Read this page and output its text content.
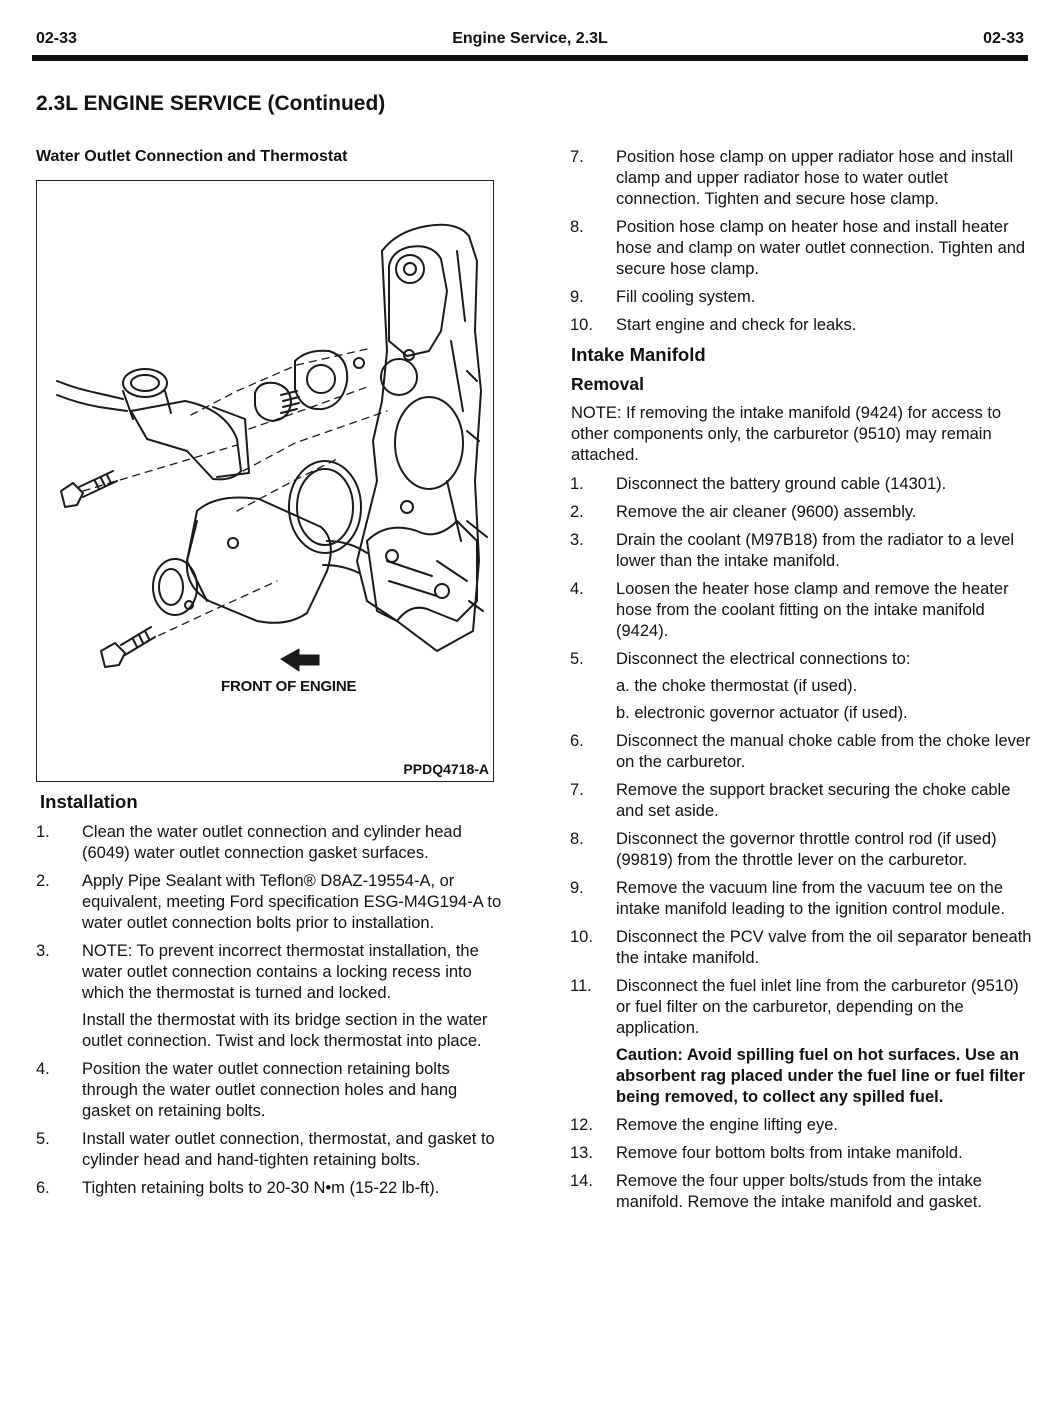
02-33	Engine Service, 2.3L	02-33
2.3L ENGINE SERVICE (Continued)
Water Outlet Connection and Thermostat
FRONT OF ENGINE
PPDQ4718-A
Installation
1.	Clean the water outlet connection and cylinder head (6049) water outlet connection gasket surfaces.
2.	Apply Pipe Sealant with Teflon® D8AZ-19554-A, or equivalent, meeting Ford specification ESG-M4G194-A to water outlet connection bolts prior to installation.
3.	NOTE: To prevent incorrect thermostat installation, the water outlet connection contains a locking recess into which the thermostat is turned and locked.

Install the thermostat with its bridge section in the water outlet connection. Twist and lock thermostat into place.

4.	Position the water outlet connection retaining bolts through the water outlet connection holes and hang gasket on retaining bolts.
5.	Install water outlet connection, thermostat, and gasket to cylinder head and hand-tighten retaining bolts.
6.	Tighten retaining bolts to 20-30 N•m (15-22 lb-ft).
7.	Position hose clamp on upper radiator hose and install clamp and upper radiator hose to water outlet connection. Tighten and secure hose clamp.
8.	Position hose clamp on heater hose and install heater hose and clamp on water outlet connection. Tighten and secure hose clamp.
9.	Fill cooling system.
10.	Start engine and check for leaks.
Intake Manifold
Removal

NOTE: If removing the intake manifold (9424) for access to other components only, the carburetor (9510) may remain attached.

1.	Disconnect the battery ground cable (14301).
2.	Remove the air cleaner (9600) assembly.
3.	Drain the coolant (M97B18) from the radiator to a level lower than the intake manifold.
4.	Loosen the heater hose clamp and remove the heater hose from the coolant fitting on the intake manifold (9424).
5.	Disconnect the electrical connections to:
a. the choke thermostat (if used).
b. electronic governor actuator (if used).
6.	Disconnect the manual choke cable from the choke lever on the carburetor.
7.	Remove the support bracket securing the choke cable and set aside.
8.	Disconnect the governor throttle control rod (if used) (99819) from the throttle lever on the carburetor.
9.	Remove the vacuum line from the vacuum tee on the intake manifold leading to the ignition control module.
10.	Disconnect the PCV valve from the oil separator beneath the intake manifold.
11.	Disconnect the fuel inlet line from the carburetor (9510) or fuel filter on the carburetor, depending on the application.

Caution: Avoid spilling fuel on hot surfaces. Use an absorbent rag placed under the fuel line or fuel filter being removed, to collect any spilled fuel.

12.	Remove the engine lifting eye.
13.	Remove four bottom bolts from intake manifold.
14.	Remove the four upper bolts/studs from the intake manifold. Remove the intake manifold and gasket.
